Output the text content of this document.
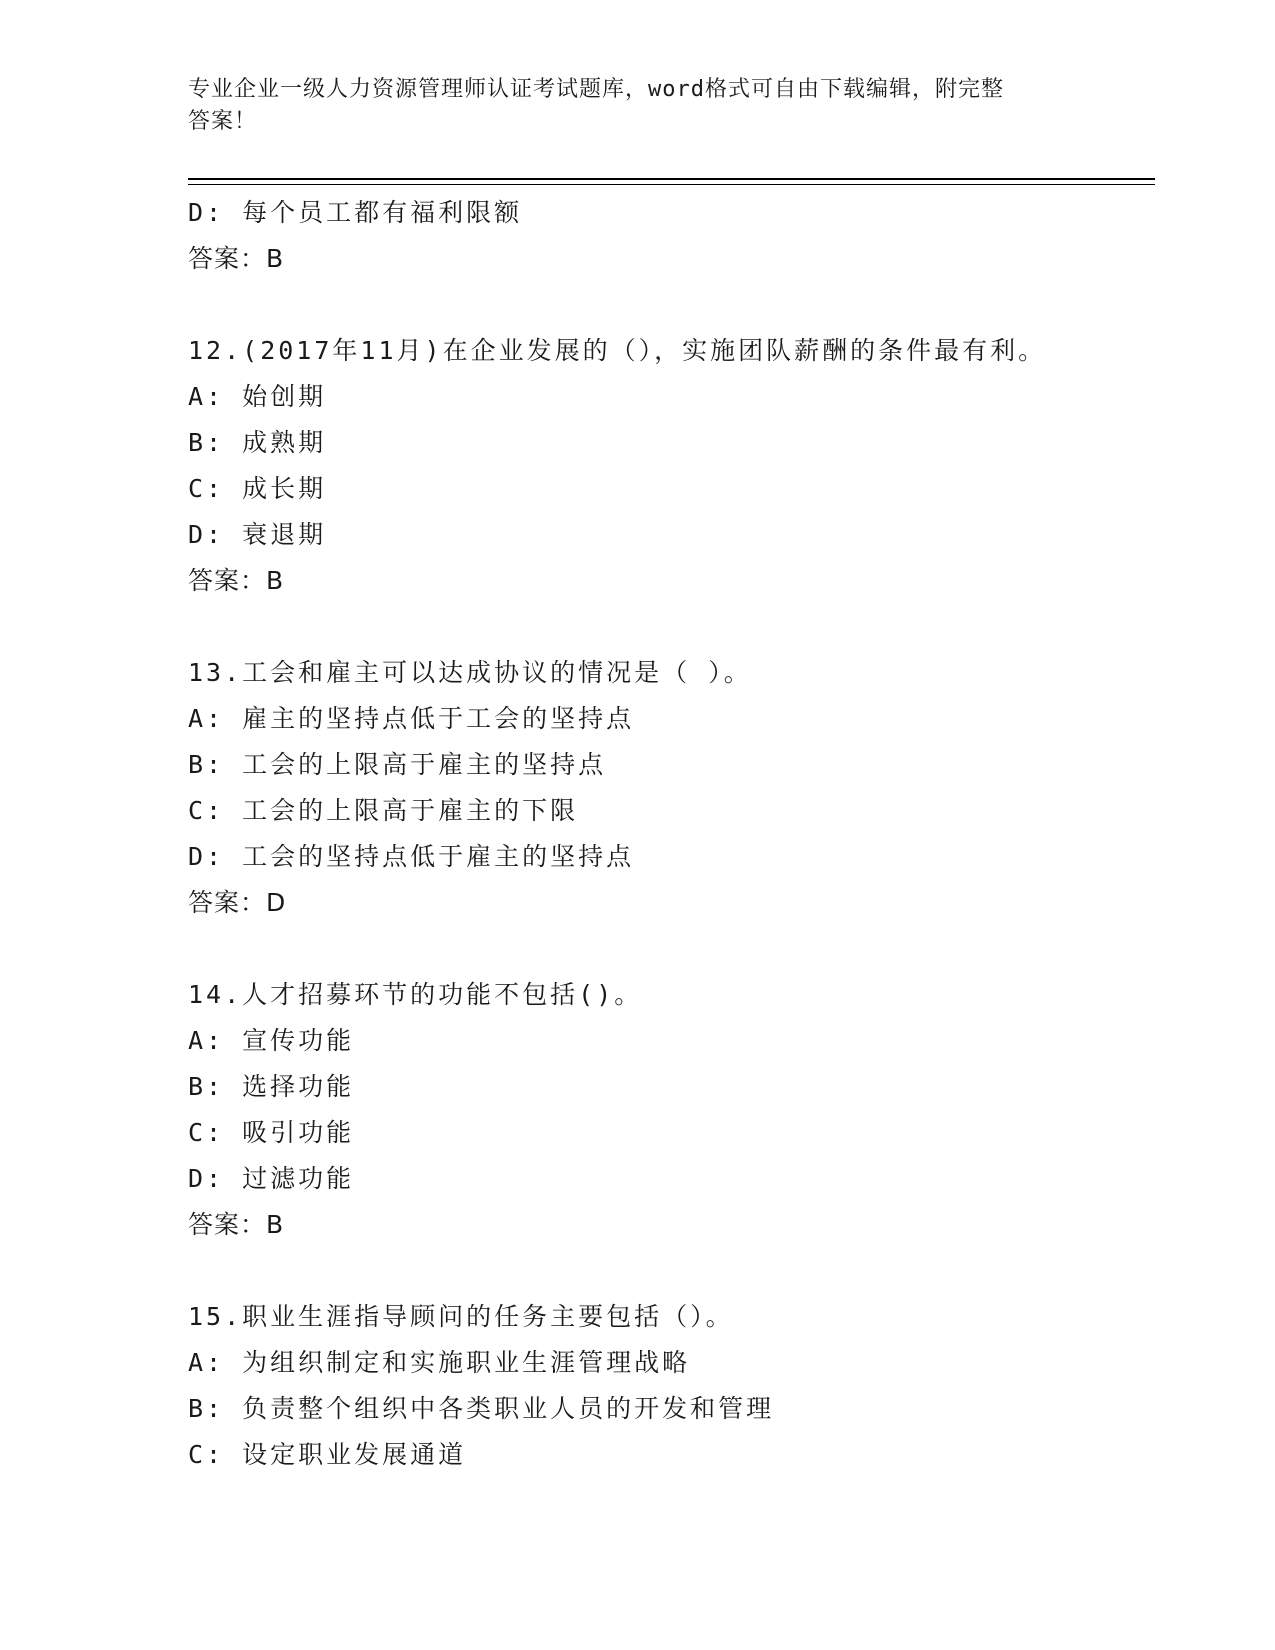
专业企业一级人力资源管理师认证考试题库，word格式可自由下载编辑，附完整
答案！
D: 每个员工都有福利限额
答案：B
12.(2017年11月)在企业发展的（），实施团队薪酬的条件最有利。
A: 始创期
B: 成熟期
C: 成长期
D: 衰退期
答案：B
13.工会和雇主可以达成协议的情况是（ ）。
A: 雇主的坚持点低于工会的坚持点
B: 工会的上限高于雇主的坚持点
C: 工会的上限高于雇主的下限
D: 工会的坚持点低于雇主的坚持点
答案：D
14.人才招募环节的功能不包括()。
A: 宣传功能
B: 选择功能
C: 吸引功能
D: 过滤功能
答案：B
15.职业生涯指导顾问的任务主要包括（）。
A: 为组织制定和实施职业生涯管理战略
B: 负责整个组织中各类职业人员的开发和管理
C: 设定职业发展通道
